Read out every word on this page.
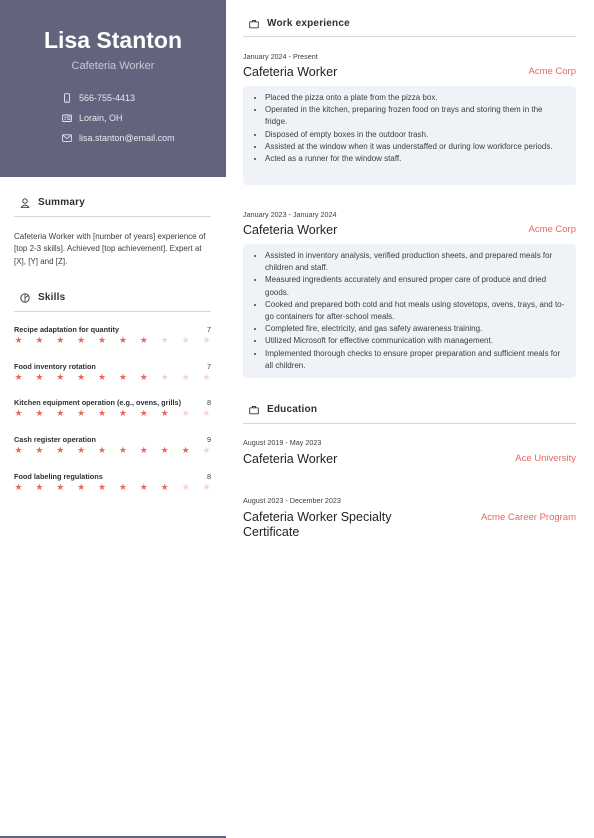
Lisa Stanton
Cafeteria Worker
566-755-4413
Lorain, OH
lisa.stanton@email.com
Summary
Cafeteria Worker with [number of years] experience of [top 2-3 skills]. Achieved [top achievement]. Expert at [X], [Y] and [Z].
Skills
Recipe adaptation for quantity	7
★ ★ ★ ★ ★ ★ ★ ★ ★ ★
Food inventory rotation	7
★ ★ ★ ★ ★ ★ ★ ★ ★ ★
Kitchen equipment operation (e.g., ovens, grills)	8
★ ★ ★ ★ ★ ★ ★ ★ ★ ★
Cash register operation	9
★ ★ ★ ★ ★ ★ ★ ★ ★ ★
Food labeling regulations	8
★ ★ ★ ★ ★ ★ ★ ★ ★ ★
Work experience
January 2024 - Present
Cafeteria Worker	Acme Corp
• Placed the pizza onto a plate from the pizza box.
• Operated in the kitchen, preparing frozen food on trays and storing them in the fridge.
• Disposed of empty boxes in the outdoor trash.
• Assisted at the window when it was understaffed or during low workforce periods.
• Acted as a runner for the window staff.
January 2023 - January 2024
Cafeteria Worker	Acme Corp
• Assisted in inventory analysis, verified production sheets, and prepared meals for children and staff.
• Measured ingredients accurately and ensured proper care of produce and dried goods.
• Cooked and prepared both cold and hot meals using stovetops, ovens, trays, and to-go containers for after-school meals.
• Completed fire, electricity, and gas safety awareness training.
• Utilized Microsoft for effective communication with management.
• Implemented thorough checks to ensure proper preparation and sufficient meals for all children.
Education
August 2019 - May 2023
Cafeteria Worker	Ace University
August 2023 - December 2023
Cafeteria Worker Specialty Certificate
Acme Career Program
